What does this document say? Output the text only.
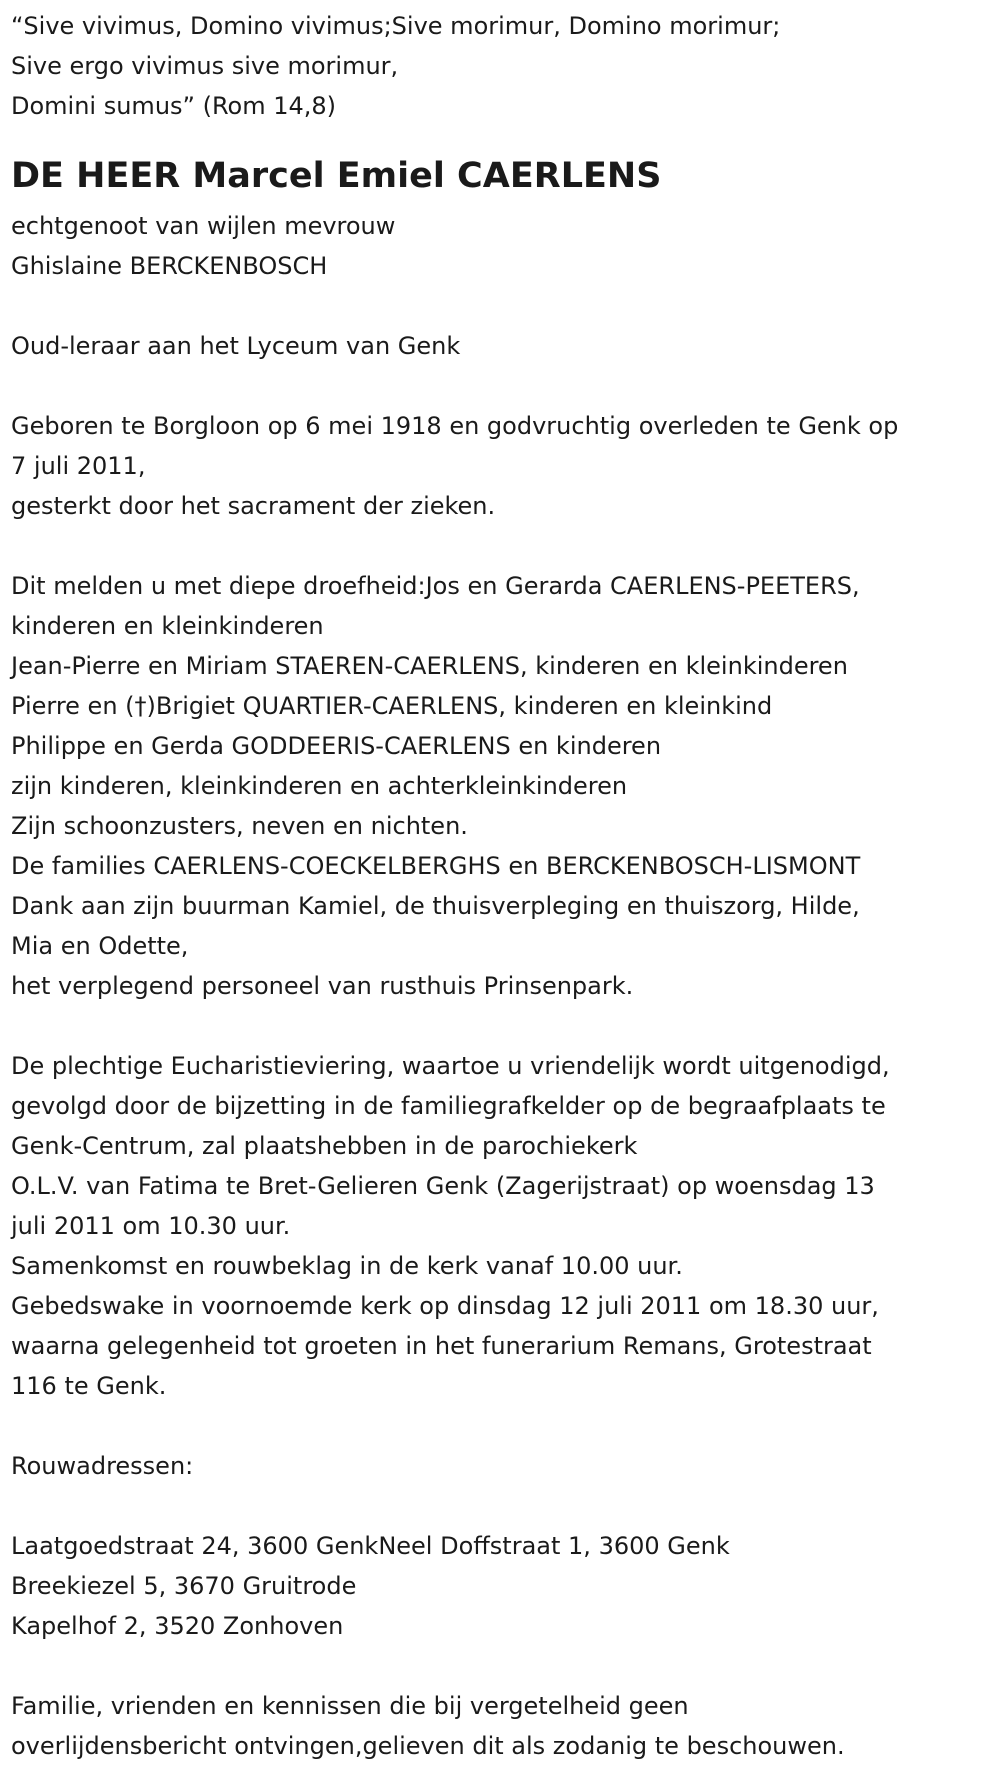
“Sive vivimus, Domino vivimus;Sive morimur, Domino morimur;
Sive ergo vivimus sive morimur,
Domini sumus” (Rom 14,8)
DE HEER Marcel Emiel CAERLENS
echtgenoot van wijlen mevrouw
Ghislaine BERCKENBOSCH
Oud-leraar aan het Lyceum van Genk
Geboren te Borgloon op 6 mei 1918 en godvruchtig overleden te Genk op
7 juli 2011,
gesterkt door het sacrament der zieken.
Dit melden u met diepe droefheid:Jos en Gerarda CAERLENS-PEETERS,
kinderen en kleinkinderen
Jean-Pierre en Miriam STAEREN-CAERLENS, kinderen en kleinkinderen
Pierre en (†)Brigiet QUARTIER-CAERLENS, kinderen en kleinkind
Philippe en Gerda GODDEERIS-CAERLENS en kinderen
zijn kinderen, kleinkinderen en achterkleinkinderen
Zijn schoonzusters, neven en nichten.
De families CAERLENS-COECKELBERGHS en BERCKENBOSCH-LISMONT
Dank aan zijn buurman Kamiel, de thuisverpleging en thuiszorg, Hilde,
Mia en Odette,
het verplegend personeel van rusthuis Prinsenpark.
De plechtige Eucharistieviering, waartoe u vriendelijk wordt uitgenodigd,
gevolgd door de bijzetting in de familiegrafkelder op de begraafplaats te
Genk-Centrum, zal plaatshebben in de parochiekerk
O.L.V. van Fatima te Bret-Gelieren Genk (Zagerijstraat) op woensdag 13
juli 2011 om 10.30 uur.
Samenkomst en rouwbeklag in de kerk vanaf 10.00 uur.
Gebedswake in voornoemde kerk op dinsdag 12 juli 2011 om 18.30 uur,
waarna gelegenheid tot groeten in het funerarium Remans, Grotestraat
116 te Genk.
Rouwadressen:
Laatgoedstraat 24, 3600 GenkNeel Doffstraat 1, 3600 Genk
Breekiezel 5, 3670 Gruitrode
Kapelhof 2, 3520 Zonhoven
Familie, vrienden en kennissen die bij vergetelheid geen
overlijdensbericht ontvingen,gelieven dit als zodanig te beschouwen.
